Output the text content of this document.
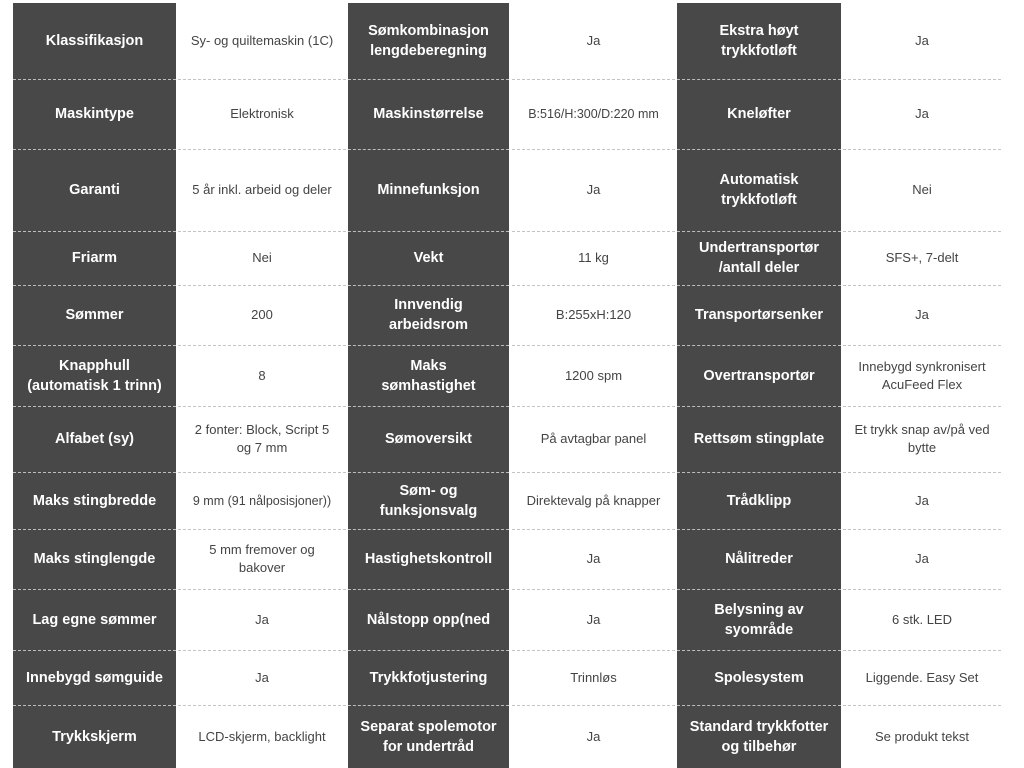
Klassifikasjon
Maskintype
Garanti
Friarm
Sømmer
Knapphull (automatisk 1 trinn)
Alfabet (sy)
Maks stingbredde
Maks stinglengde
Lag egne sømmer
Innebygd sømguide
Trykkskjerm
Sy- og quiltemaskin (1C)
Elektronisk
5 år inkl. arbeid og deler
Nei
200
8
2 fonter: Block, Script 5 og 7 mm
9 mm (91 nålposisjoner))
5 mm fremover og bakover
Ja
Ja
LCD-skjerm, backlight
Sømkombinasjon lengdeberegning
Maskinstørrelse
Minnefunksjon
Vekt
Innvendig arbeidsrom
Maks sømhastighet
Sømoversikt
Søm- og funksjonsvalg
Hastighetskontroll
Nålstopp opp(ned
Trykkfotjustering
Separat spolemotor for undertråd
Ja
B:516/H:300/D:220 mm
Ja
11 kg
B:255xH:120
1200 spm
På avtagbar panel
Direktevalg på knapper
Ja
Ja
Trinnløs
Ja
Ekstra høyt trykkfotløft
Kneløfter
Automatisk trykkfotløft
Undertransportør /antall deler
Transportørsenker
Overtransportør
Rettsøm stingplate
Trådklipp
Nålitreder
Belysning av syområde
Spolesystem
Standard trykkfotter og tilbehør
Ja
Ja
Nei
SFS+, 7-delt
Ja
Innebygd synkronisert AcuFeed Flex
Et trykk snap av/på ved bytte
Ja
Ja
6 stk. LED
Liggende. Easy Set
Se produkt tekst
